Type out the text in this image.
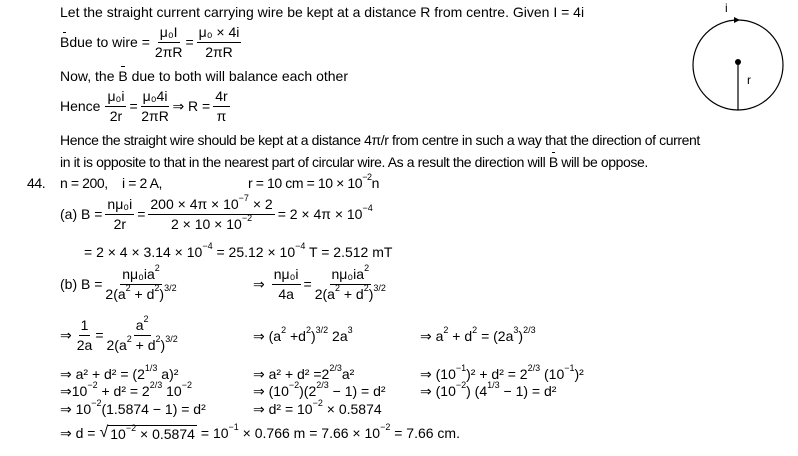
Let the straight current carrying wire be kept at a distance R from centre. Given I = 4i
B due to wire = $\frac{\text{μ₀I}}{2\pi R} = \frac{\text{μ₀ × 4i}}{2\pi R}$
Now, the B due to both will balance each other
Hence $\frac{\text{μ₀i}}{2r} = \frac{\text{μ₀4i}}{2\pi R}$ ⇒ $R = \frac{4r}{\pi}$
Hence the straight wire should be kept at a distance 4π/r from centre in such a way that the direction of current
in it is opposite to that in the nearest part of circular wire. As a result the direction will B will be oppose.
44. n = 200, i = 2 A,	r = 10 cm = $10 \times 10^{-2}n$
(a) $B = \frac{\text{nμ₀i}}{2r} = \frac{200 \times 4\pi \times 10^{-7} \times 2}{2 \times 10 \times 10^{-2}} = 2 \times 4\pi \times 10^{-4}$
= $2 \times 4 \times 3.14 \times 10^{-4} = 25.12 \times 10^{-4}$ T = 2.512 mT
(b) $B = \frac{n\mu_0ia^2}{2(a^2 + d^2)^{3/2}}$	⇒ $\frac{\text{nμ₀i}}{4a} = \frac{n\mu_0ia^2}{2(a^2 + d^2)^{3/2}}$
⇒ $\frac{1}{2a} = \frac{a^2}{2(a^2 + d^2)^{3/2}}$	⇒ $(a^2 +d^2)^{3/2}$ $2a^3$	⇒ $a^2 + d^2 = (2a^3)^{2/3}$
⇒ $a^2 + d^2 = (2^{1/3}$ a)²	⇒ $a^2 + d^2 =2^{2/3}a^2$	⇒ $(10^{-1})^2 + d^2 = 2^{2/3}$ $(10^{-1})^2$
$\Rightarrow 10^{-2} + d^2 = 2^{2/3}$ $10^{-2}$	⇒ $(10^{-2})(2^{2/3} - 1) = d^2$ ⇒ $(10^{-2}) (4^{1/3} - 1) = d^2$
⇒ $10^{-2}(1.5874 - 1) = d^2$	⇒ $d^2 = 10^{-2} \times 0.5874$
⇒ d = √ $10^{-2} \times 0.5874 = 10^{-1} \times 0.766$ $m = 7.66 \times 10^{-2} = 7.66$ cm.
i
r
